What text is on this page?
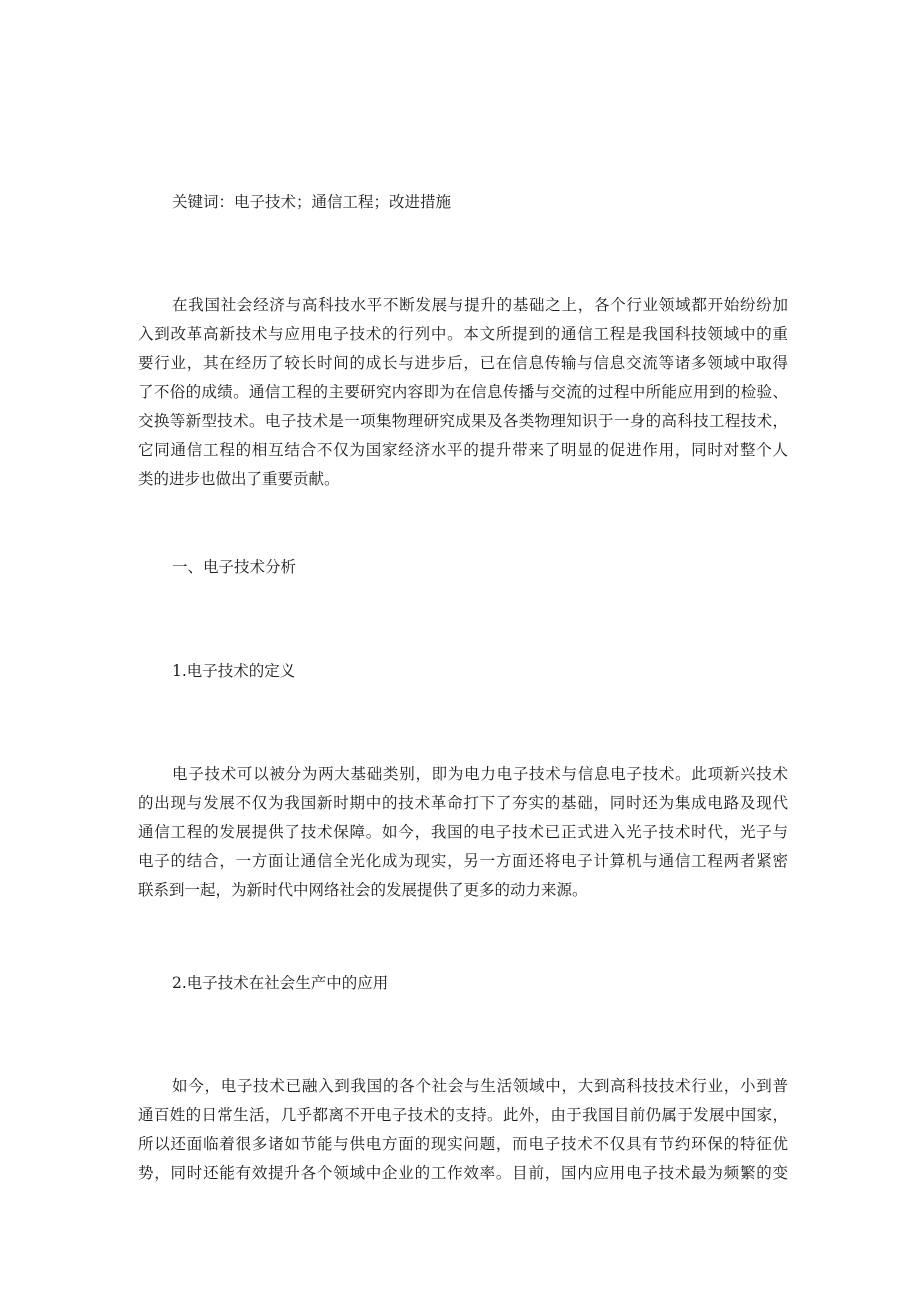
关键词：电子技术；通信工程；改进措施
在我国社会经济与高科技水平不断发展与提升的基础之上，各个行业领域都开始纷纷加
入到改革高新技术与应用电子技术的行列中。本文所提到的通信工程是我国科技领域中的重
要行业，其在经历了较长时间的成长与进步后，已在信息传输与信息交流等诸多领域中取得
了不俗的成绩。通信工程的主要研究内容即为在信息传播与交流的过程中所能应用到的检验、
交换等新型技术。电子技术是一项集物理研究成果及各类物理知识于一身的高科技工程技术，
它同通信工程的相互结合不仅为国家经济水平的提升带来了明显的促进作用，同时对整个人
类的进步也做出了重要贡献。
一、电子技术分析
1.电子技术的定义
电子技术可以被分为两大基础类别，即为电力电子技术与信息电子技术。此项新兴技术
的出现与发展不仅为我国新时期中的技术革命打下了夯实的基础，同时还为集成电路及现代
通信工程的发展提供了技术保障。如今，我国的电子技术已正式进入光子技术时代，光子与
电子的结合，一方面让通信全光化成为现实，另一方面还将电子计算机与通信工程两者紧密
联系到一起，为新时代中网络社会的发展提供了更多的动力来源。
2.电子技术在社会生产中的应用
如今，电子技术已融入到我国的各个社会与生活领域中，大到高科技技术行业，小到普
通百姓的日常生活，几乎都离不开电子技术的支持。此外，由于我国目前仍属于发展中国家，
所以还面临着很多诸如节能与供电方面的现实问题，而电子技术不仅具有节约环保的特征优
势，同时还能有效提升各个领域中企业的工作效率。目前，国内应用电子技术最为频繁的变
